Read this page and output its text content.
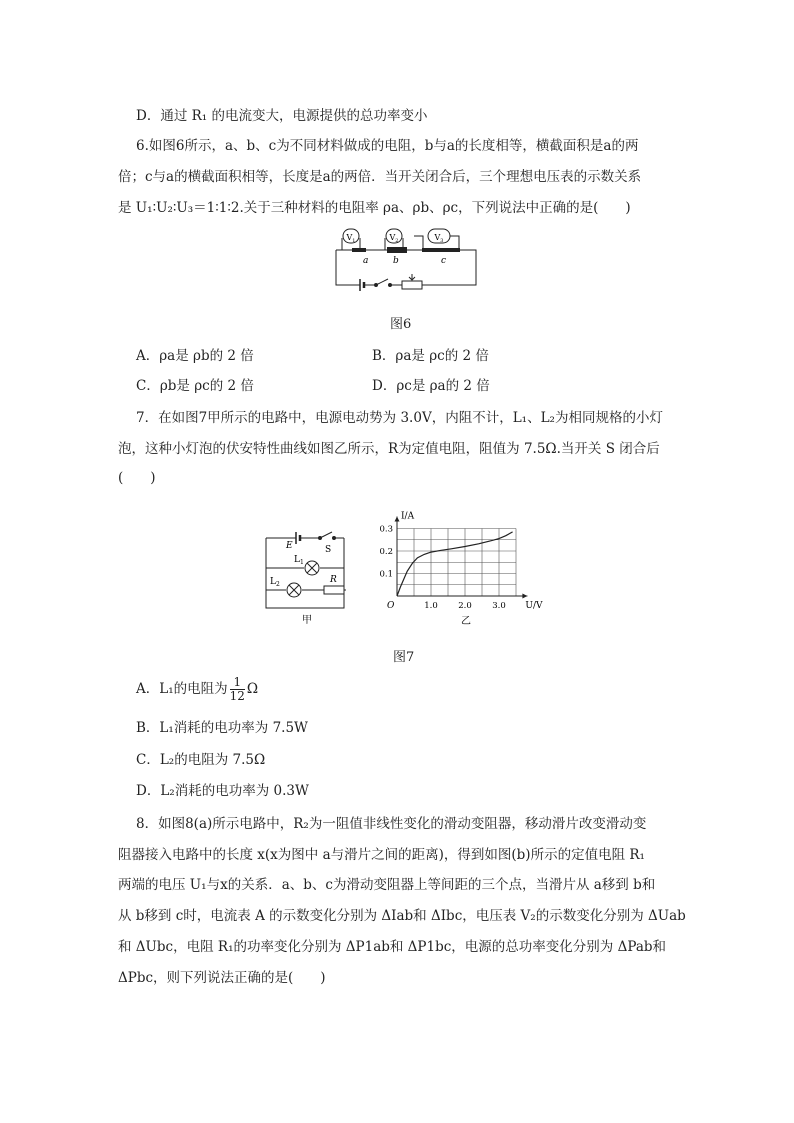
D．通过 R₁ 的电流变大，电源提供的总功率变小
6.如图6所示，a、b、c为不同材料做成的电阻，b与a的长度相等，横截面积是a的两
倍；c与a的横截面积相等，长度是a的两倍．当开关闭合后，三个理想电压表的示数关系
是 U₁∶U₂∶U₃＝1∶1∶2.关于三种材料的电阻率 ρa、ρb、ρc，下列说法中正确的是(　　)
$V_1$	$V_2$	$V_3$
a	b	c
图6
A．ρa是 ρb的 2 倍	B．ρa是 ρc的 2 倍
C．ρb是 ρc的 2 倍	D．ρc是 ρa的 2 倍
7．在如图7甲所示的电路中，电源电动势为 3.0V，内阻不计，L₁、L₂为相同规格的小灯
泡，这种小灯泡的伏安特性曲线如图乙所示，R为定值电阻，阻值为 7.5Ω.当开关 S 闭合后
(　　)
E	S
$L_1$
$L_2$	R
甲
1.0 2.0 3.0
0.1
0.2
0.3
I/A
U/V
O
乙
图7
A．L₁的电阻为 $\frac{1}{12}$ Ω
B．L₁消耗的电功率为 7.5W
C．L₂的电阻为 7.5Ω
D．L₂消耗的电功率为 0.3W
8．如图8(a)所示电路中，R₂为一阻值非线性变化的滑动变阻器，移动滑片改变滑动变
阻器接入电路中的长度 x(x为图中 a与滑片之间的距离)，得到如图(b)所示的定值电阻 R₁
两端的电压 U₁与x的关系．a、b、c为滑动变阻器上等间距的三个点，当滑片从 a移到 b和
从 b移到 c时，电流表 A 的示数变化分别为 ΔIab和 ΔIbc，电压表 V₂的示数变化分别为 ΔUab
和 ΔUbc，电阻 R₁的功率变化分别为 ΔP1ab和 ΔP1bc，电源的总功率变化分别为 ΔPab和
ΔPbc，则下列说法正确的是(　　)
